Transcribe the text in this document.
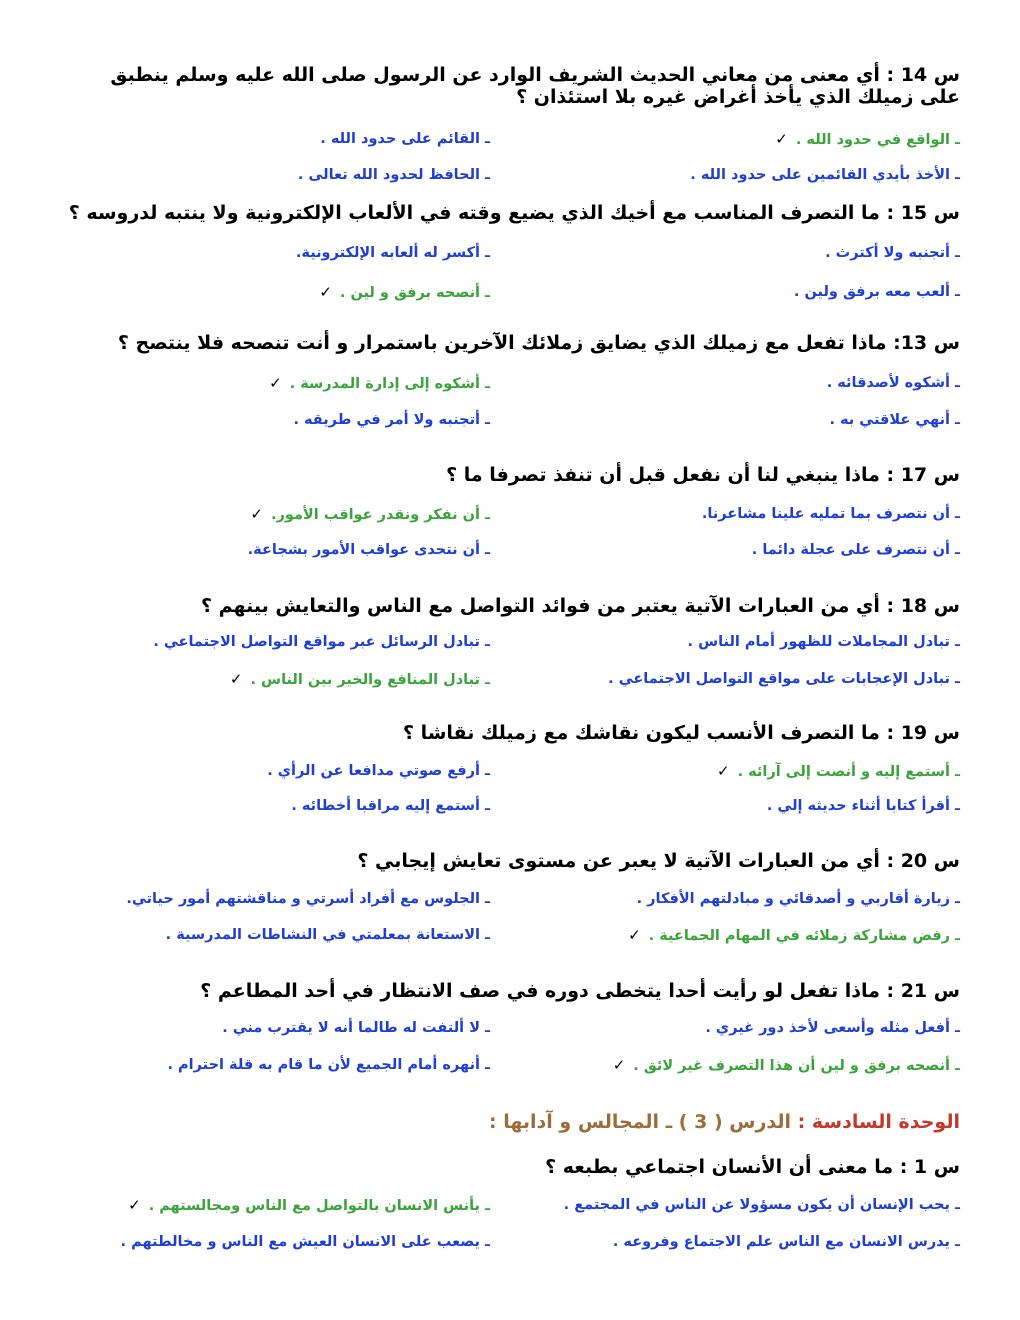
س 14 : أي معنى من معاني الحديث الشريف الوارد عن الرسول صلى الله عليه وسلم ينطبق على زميلك الذي يأخذ أغراض غيره بلا استئذان ؟
ـ الواقع في حدود الله .✓
ـ القائم على حدود الله .
ـ الأخذ بأيدي القائمين على حدود الله .
ـ الحافظ لحدود الله تعالى .
س 15 : ما التصرف المناسب مع أخيك الذي يضيع وقته في الألعاب الإلكترونية ولا ينتبه لدروسه ؟
ـ أتجنبه ولا أكترث .
ـ أكسر له ألعابه الإلكترونية.
ـ ألعب معه برفق ولين .
ـ أنصحه برفق و لين .✓
س 13: ماذا تفعل مع زميلك الذي يضايق زملائك الآخرين باستمرار و أنت تنصحه فلا ينتصح ؟
ـ أشكوه لأصدقائه .
ـ أشكوه إلى إدارة المدرسة .✓
ـ أنهي علاقتي به .
ـ أتجنبه ولا أمر في طريقه .
س 17 : ماذا ينبغي لنا أن نفعل قبل أن تنفذ تصرفا ما ؟
ـ أن نتصرف بما تمليه علينا مشاعرنا.
ـ أن نفكر ونقدر عواقب الأمور.✓
ـ أن نتصرف على عجلة دائما .
ـ أن نتحدى عواقب الأمور بشجاعة.
س 18 : أي من العبارات الآتية يعتبر من فوائد التواصل مع الناس والتعايش بينهم ؟
ـ تبادل المجاملات للظهور أمام الناس .
ـ تبادل الرسائل عبر مواقع التواصل الاجتماعي .
ـ تبادل الإعجابات على مواقع التواصل الاجتماعي .
ـ تبادل المنافع والخير بين الناس .✓
س 19 : ما التصرف الأنسب ليكون نقاشك مع زميلك نقاشا ؟
ـ أستمع إليه و أنصت إلى آرائه .✓
ـ أرفع صوتي مدافعا عن الرأي .
ـ أقرأ كتابا أثناء حديثه إلي .
ـ أستمع إليه مراقبا أخطائه .
س 20 : أي من العبارات الآتية لا يعبر عن مستوى تعايش إيجابي ؟
ـ زيارة أقاربي و أصدقائي و مبادلتهم الأفكار .
ـ الجلوس مع أفراد أسرتي و مناقشتهم أمور حياتي.
ـ رفض مشاركة زملائه في المهام الجماعية .✓
ـ الاستعانة بمعلمتي في النشاطات المدرسية .
س 21 : ماذا تفعل لو رأيت أحدا يتخطى دوره في صف الانتظار في أحد المطاعم ؟
ـ أفعل مثله وأسعى لأخذ دور غيري .
ـ لا ألتفت له طالما أنه لا يقترب مني .
ـ أنصحه برفق و لين أن هذا التصرف غير لائق .✓
ـ أنهره أمام الجميع لأن ما قام به قلة احترام .
الوحدة السادسة : الدرس ( 3 ) ـ المجالس و آدابها :
س 1 : ما معنى أن الأنسان اجتماعي بطبعه ؟
ـ يحب الإنسان أن يكون مسؤولا عن الناس في المجتمع .
ـ يأنس الانسان بالتواصل مع الناس ومجالستهم .✓
ـ يدرس الانسان مع الناس علم الاجتماع وفروعه .
ـ يصعب على الانسان العيش مع الناس و مخالطتهم .
